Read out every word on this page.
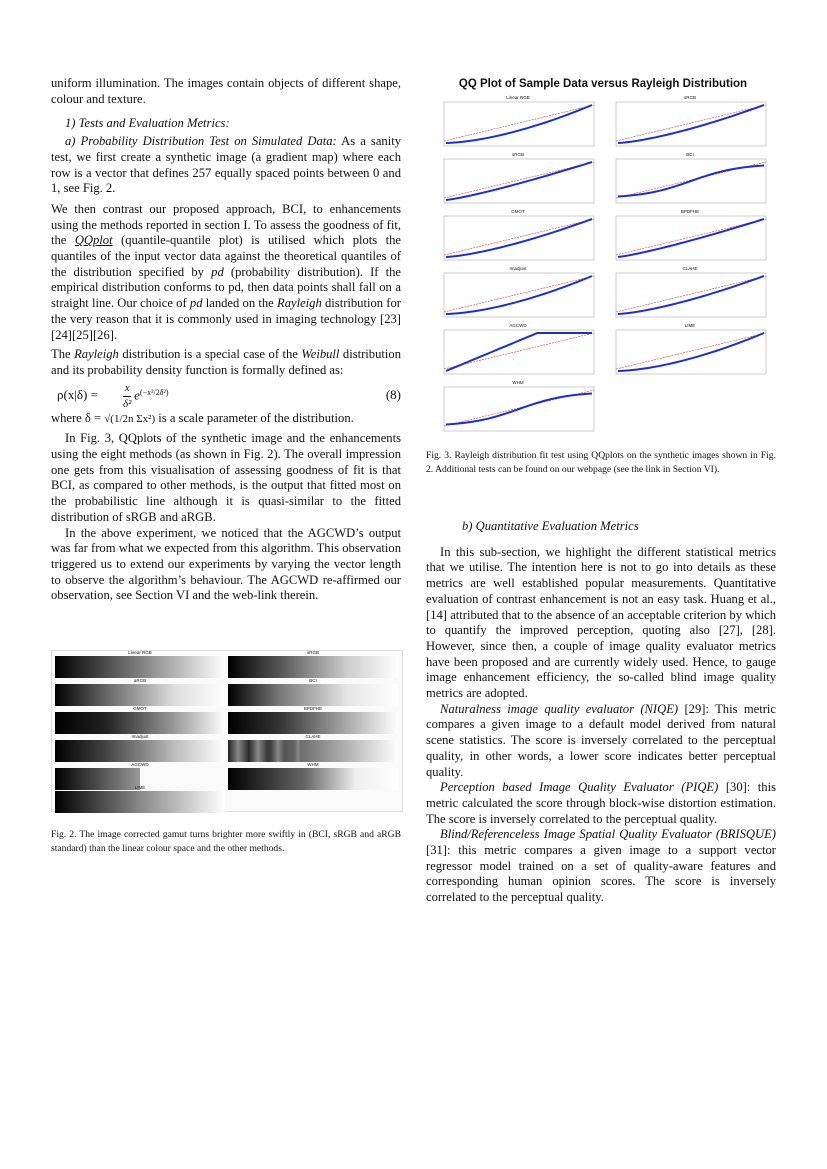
uniform illumination. The images contain objects of different shape, colour and texture.

1) Tests and Evaluation Metrics:

a) Probability Distribution Test on Simulated Data: As a sanity test, we first create a synthetic image (a gradient map) where each row is a vector that defines 257 equally spaced points between 0 and 1, see Fig. 2.

We then contrast our proposed approach, BCI, to enhancements using the methods reported in section I. To assess the goodness of fit, the QQplot (quantile-quantile plot) is utilised which plots the quantiles of the input vector data against the theoretical quantiles of the distribution specified by pd (probability distribution). If the empirical distribution conforms to pd, then data points shall fall on a straight line. Our choice of pd landed on the Rayleigh distribution for the very reason that it is commonly used in imaging technology [23][24][25][26].

The Rayleigh distribution is a special case of the Weibull distribution and its probability density function is formally defined as:

$\rho(x|\delta) = \frac{x}{\text{δ²}} e^{(-x^2/2\delta^2)}$	(8)

where δ = √(1/2n Σx²) is a scale parameter of the distribution.

In Fig. 3, QQplots of the synthetic image and the enhancements using the eight methods (as shown in Fig. 2). The overall impression one gets from this visualisation of assessing goodness of fit is that BCI, as compared to other methods, is the output that fitted most on the probabilistic line although it is quasi-similar to the fitted distribution of sRGB and aRGB.

In the above experiment, we noticed that the AGCWD’s output was far from what we expected from this algorithm. This observation triggered us to extend our experiments by varying the vector length to observe the algorithm’s behaviour. The AGCWD re-affirmed our observation, see Section VI and the web-link therein.

Linear RGB	sRGB
aRGB	BCI
GMOT	BPDFHE
Imadjust	CLAHE
AGCWD	WHM
LIME
Fig. 2. The image corrected gamut turns brighter more swiftly in (BCI, sRGB and aRGB standard) than the linear colour space and the other methods.
QQ Plot of Sample Data versus Rayleigh Distribution
Linear RGB	sRGB
sRGB	BCI
GMOT	BPDFHE
Imadjust	CLAHE
AGCWD	LIME
WHM
Fig. 3. Rayleigh distribution fit test using QQplots on the synthetic images shown in Fig. 2. Additional tests can be found on our webpage (see the link in Section VI).

b) Quantitative Evaluation Metrics

In this sub-section, we highlight the different statistical metrics that we utilise. The intention here is not to go into details as these metrics are well established popular measurements. Quantitative evaluation of contrast enhancement is not an easy task. Huang et al., [14] attributed that to the absence of an acceptable criterion by which to quantify the improved perception, quoting also [27], [28]. However, since then, a couple of image quality evaluator metrics have been proposed and are currently widely used. Hence, to gauge image enhancement efficiency, the so-called blind image quality metrics are adopted.

Naturalness image quality evaluator (NIQE) [29]: This metric compares a given image to a default model derived from natural scene statistics. The score is inversely correlated to the perceptual quality, in other words, a lower score indicates better perceptual quality.

Perception based Image Quality Evaluator (PIQE) [30]: this metric calculated the score through block-wise distortion estimation. The score is inversely correlated to the perceptual quality.

Blind/Referenceless Image Spatial Quality Evaluator (BRISQUE) [31]: this metric compares a given image to a support vector regressor model trained on a set of quality-aware features and corresponding human opinion scores. The score is inversely correlated to the perceptual quality.
